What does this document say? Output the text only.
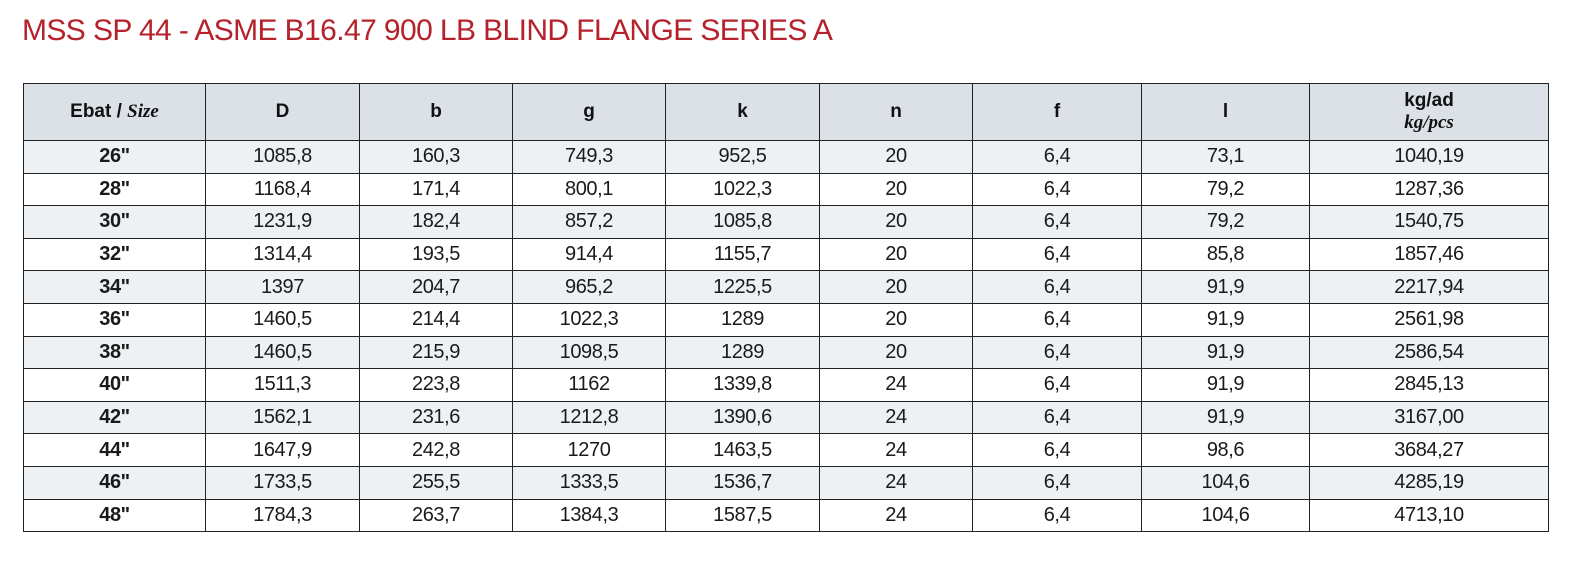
MSS SP 44 - ASME B16.47 900 LB BLIND FLANGE SERIES A
Ebat / Size	D	b	g	k	n	f	l	kg/ad
kg/pcs

26"	1085,8	160,3	749,3	952,5	20	6,4	73,1	1040,19
28"	1168,4	171,4	800,1	1022,3	20	6,4	79,2	1287,36
30"	1231,9	182,4	857,2	1085,8	20	6,4	79,2	1540,75
32"	1314,4	193,5	914,4	1155,7	20	6,4	85,8	1857,46
34"	1397	204,7	965,2	1225,5	20	6,4	91,9	2217,94
36"	1460,5	214,4	1022,3	1289	20	6,4	91,9	2561,98
38"	1460,5	215,9	1098,5	1289	20	6,4	91,9	2586,54
40"	1511,3	223,8	1162	1339,8	24	6,4	91,9	2845,13
42"	1562,1	231,6	1212,8	1390,6	24	6,4	91,9	3167,00
44"	1647,9	242,8	1270	1463,5	24	6,4	98,6	3684,27
46"	1733,5	255,5	1333,5	1536,7	24	6,4	104,6	4285,19
48"	1784,3	263,7	1384,3	1587,5	24	6,4	104,6	4713,10
